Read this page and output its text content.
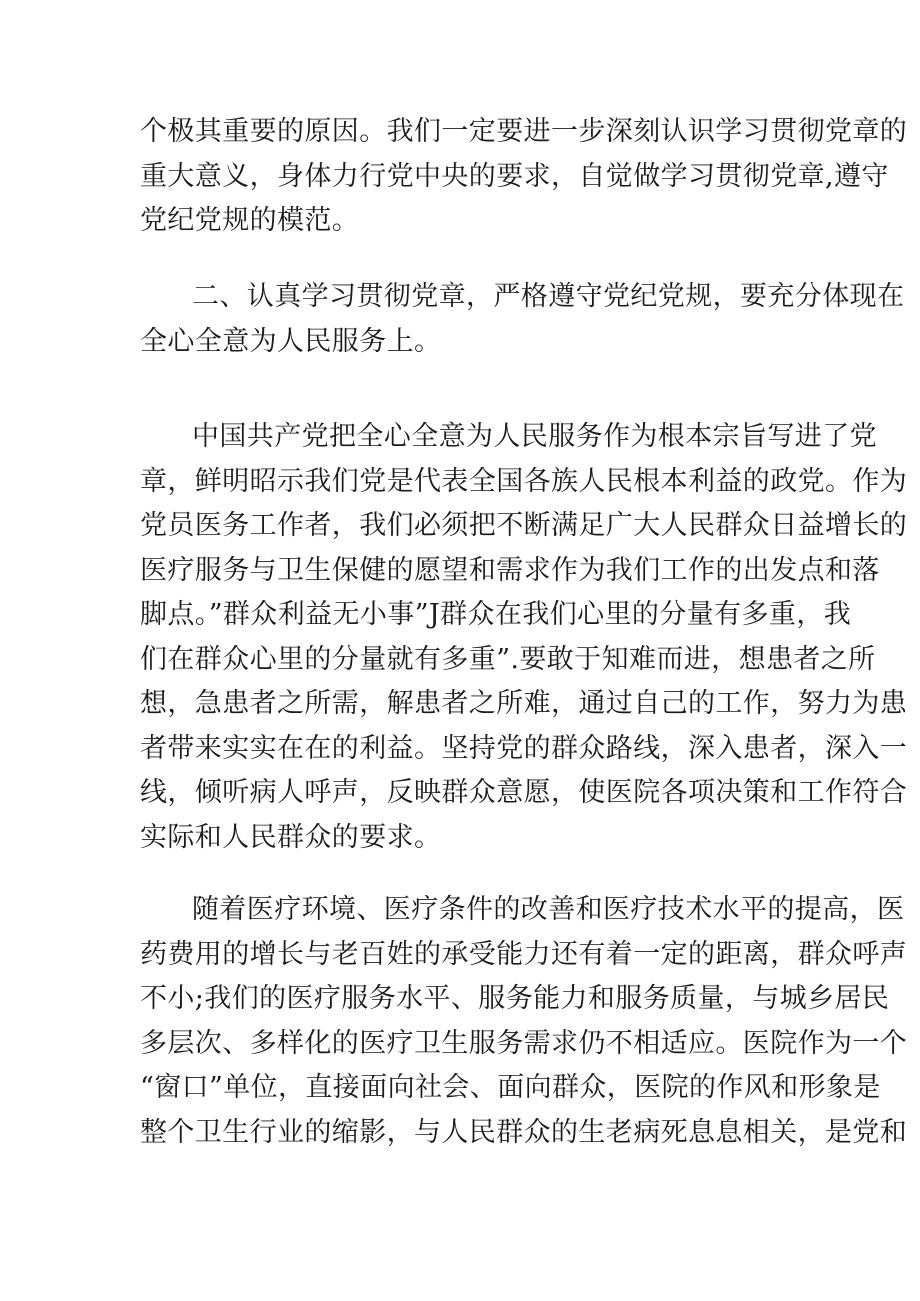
个极其重要的原因。我们一定要进一步深刻认识学习贯彻党章的
重大意义，身体力行党中央的要求，自觉做学习贯彻党章,遵守
党纪党规的模范。
二、认真学习贯彻党章，严格遵守党纪党规，要充分体现在
全心全意为人民服务上。
中国共产党把全心全意为人民服务作为根本宗旨写进了党
章，鲜明昭示我们党是代表全国各族人民根本利益的政党。作为
党员医务工作者，我们必须把不断满足广大人民群众日益增长的
医疗服务与卫生保健的愿望和需求作为我们工作的出发点和落
脚点。”群众利益无小事”J群众在我们心里的分量有多重，我
们在群众心里的分量就有多重”.要敢于知难而进，想患者之所
想，急患者之所需，解患者之所难，通过自己的工作，努力为患
者带来实实在在的利益。坚持党的群众路线，深入患者，深入一
线，倾听病人呼声，反映群众意愿，使医院各项决策和工作符合
实际和人民群众的要求。
随着医疗环境、医疗条件的改善和医疗技术水平的提高，医
药费用的增长与老百姓的承受能力还有着一定的距离，群众呼声
不小;我们的医疗服务水平、服务能力和服务质量，与城乡居民
多层次、多样化的医疗卫生服务需求仍不相适应。医院作为一个
“窗口”单位，直接面向社会、面向群众，医院的作风和形象是
整个卫生行业的缩影，与人民群众的生老病死息息相关，是党和
